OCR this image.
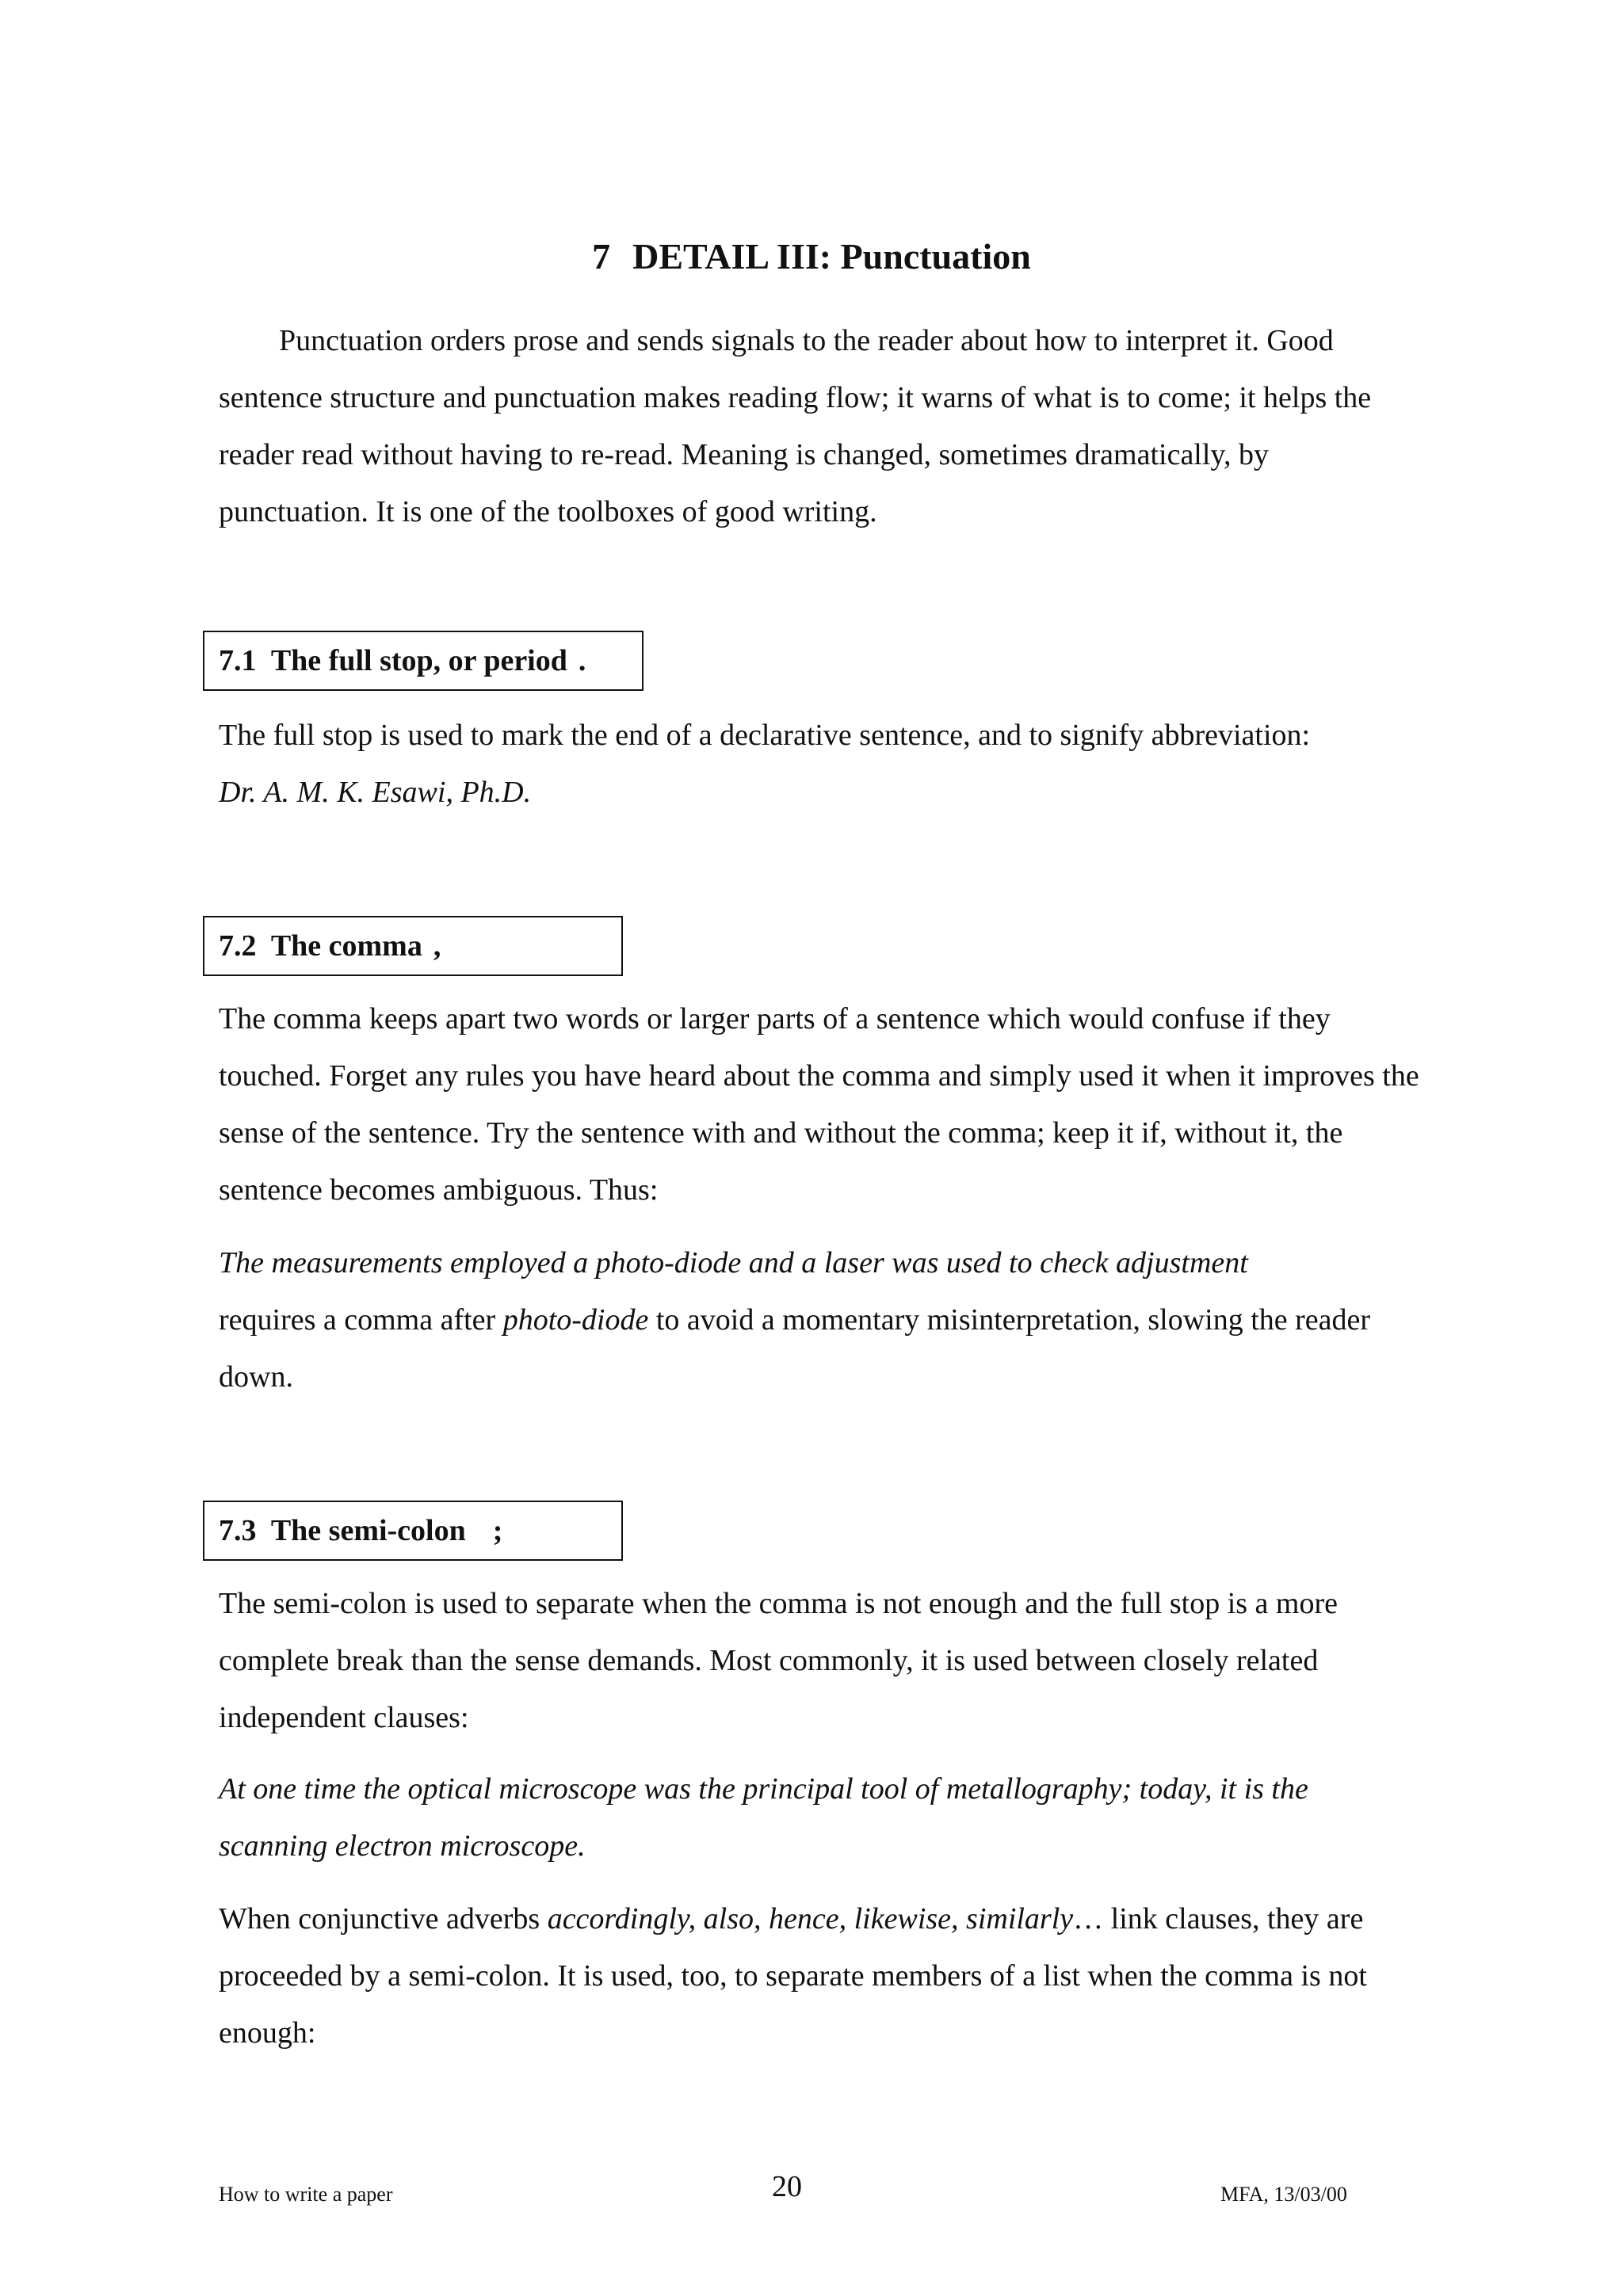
7 DETAIL III: Punctuation

Punctuation orders prose and sends signals to the reader about how to interpret it. Good sentence structure and punctuation makes reading flow; it warns of what is to come; it helps the reader read without having to re-read. Meaning is changed, sometimes dramatically, by punctuation. It is one of the toolboxes of good writing.

7.1  The full stop, or period .

The full stop is used to mark the end of a declarative sentence, and to signify abbreviation:
Dr. A. M. K. Esawi, Ph.D.

7.2  The comma ,

The comma keeps apart two words or larger parts of a sentence which would confuse if they touched. Forget any rules you have heard about the comma and simply used it when it improves the sense of the sentence. Try the sentence with and without the comma; keep it if, without it, the sentence becomes ambiguous. Thus:

The measurements employed a photo-diode and a laser was used to check adjustment
requires a comma after photo-diode to avoid a momentary misinterpretation, slowing the reader down.

7.3  The semi-colon ;

The semi-colon is used to separate when the comma is not enough and the full stop is a more complete break than the sense demands. Most commonly, it is used between closely related independent clauses:

At one time the optical microscope was the principal tool of metallography; today, it is the scanning electron microscope.

When conjunctive adverbs accordingly, also, hence, likewise, similarly… link clauses, they are proceeded by a semi-colon. It is used, too, to separate members of a list when the comma is not enough:

How to write a paper	20	MFA, 13/03/00
